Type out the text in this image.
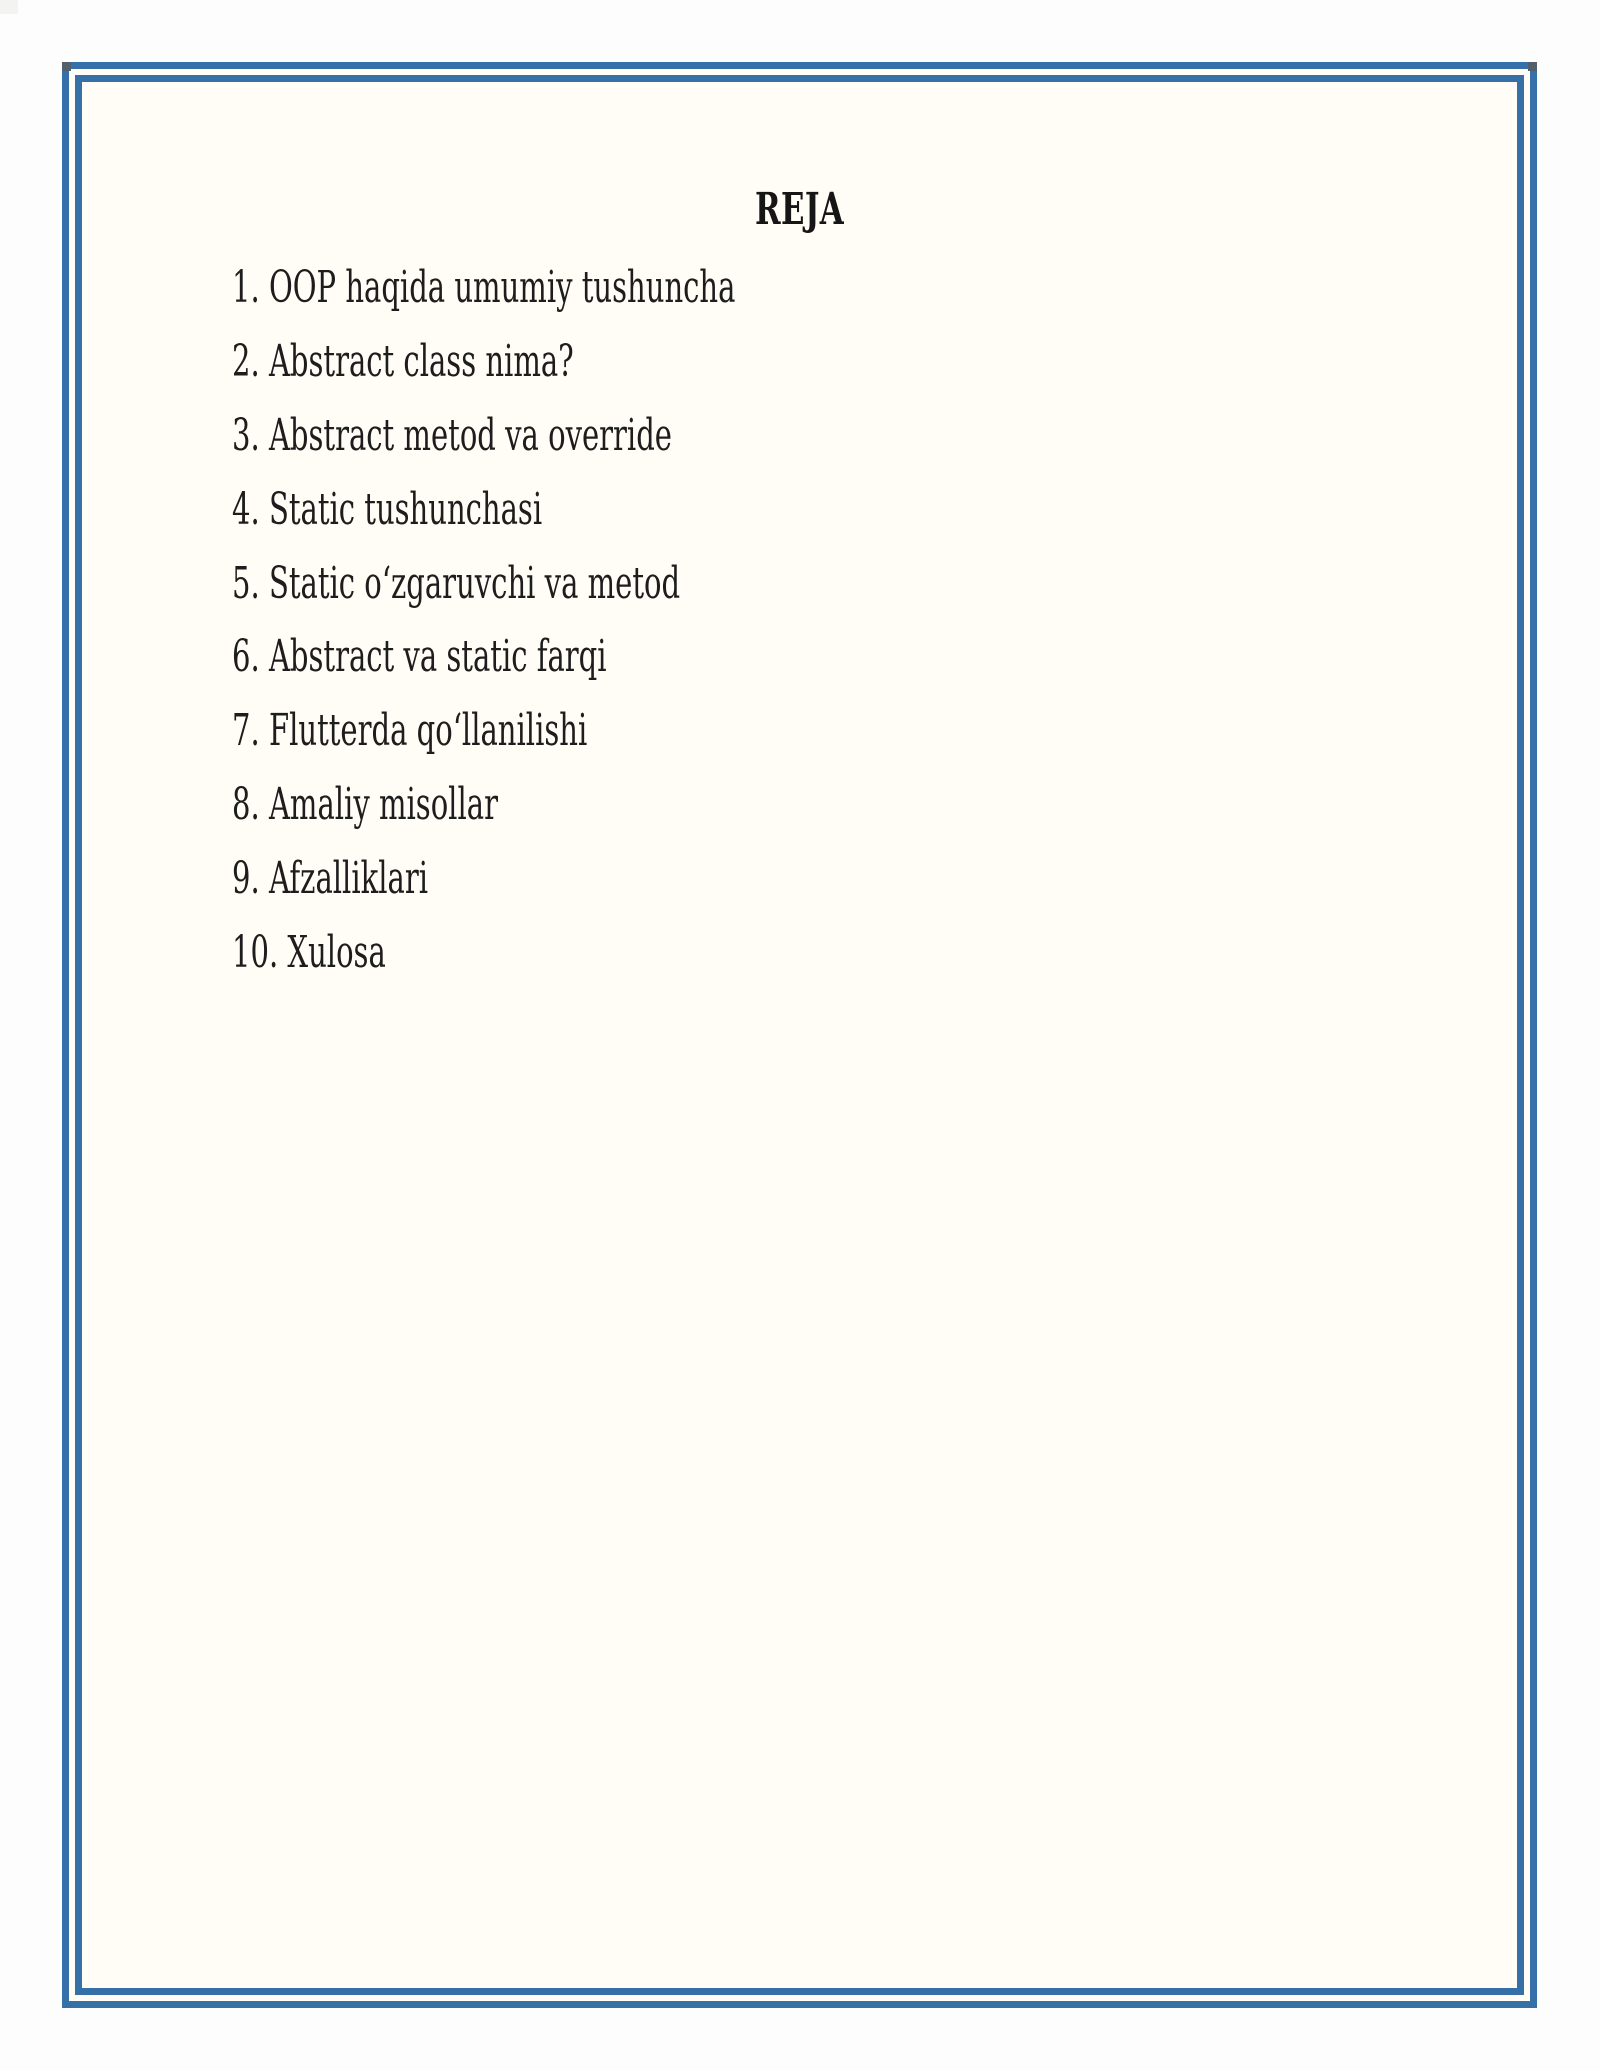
REJA
1. OOP haqida umumiy tushuncha
2. Abstract class nima?
3. Abstract metod va override
4. Static tushunchasi
5. Static oʻzgaruvchi va metod
6. Abstract va static farqi
7. Flutterda qoʻllanilishi
8. Amaliy misollar
9. Afzalliklari
10. Xulosa
